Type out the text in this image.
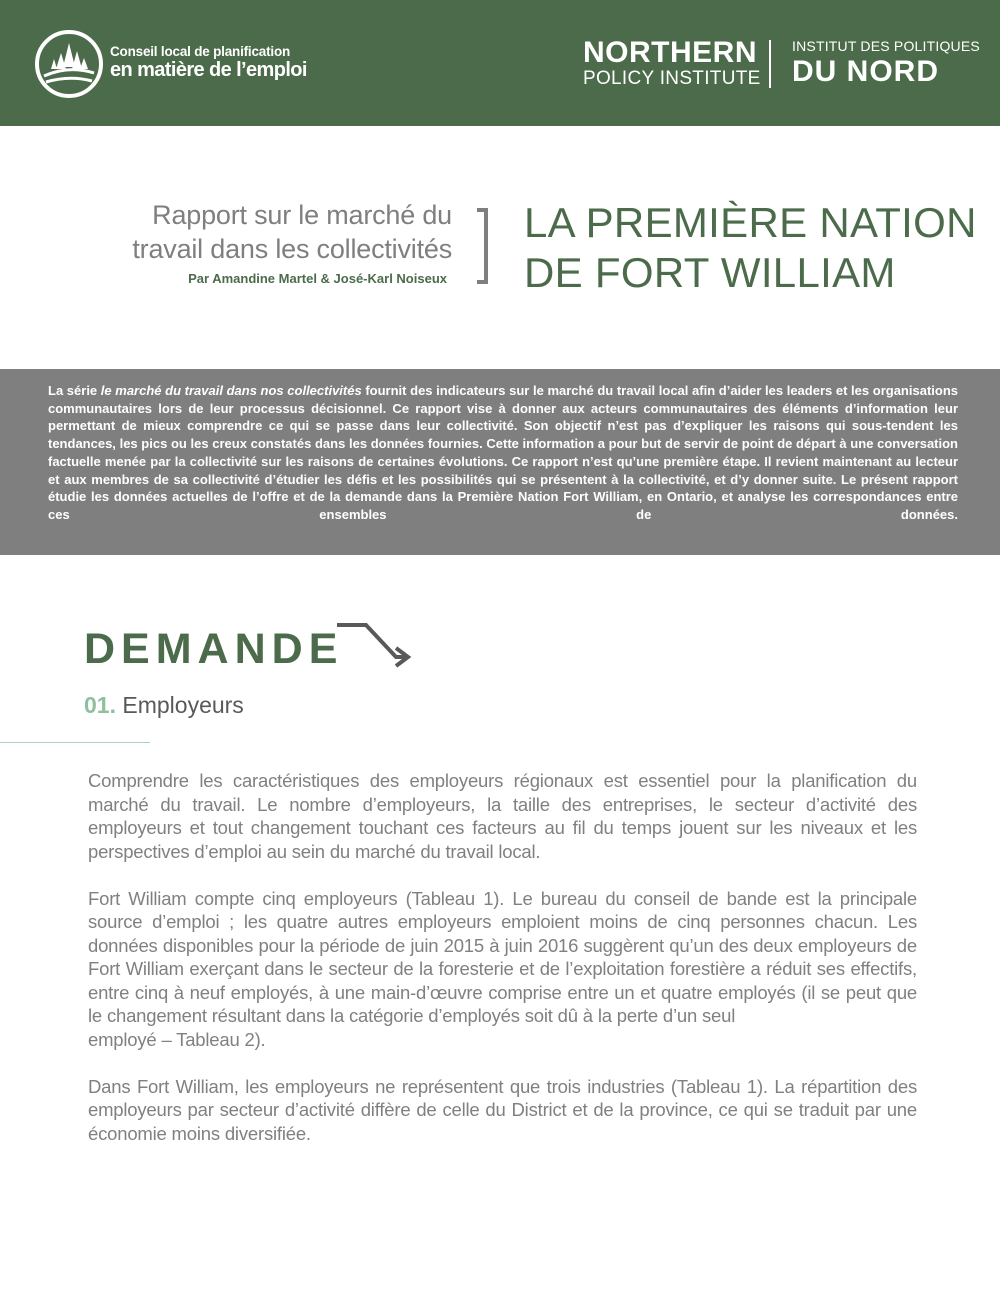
Conseil local de planification
en matière de l’emploi
NORTHERN
POLICY INSTITUTE
INSTITUT DES POLITIQUES
DU NORD
Rapport sur le marché du
travail dans les collectivités
Par Amandine Martel & José-Karl Noiseux
LA PREMIÈRE NATION
DE FORT WILLIAM
La série le marché du travail dans nos collectivités fournit des indicateurs sur le marché du travail local afin d’aider les leaders et les organisations communautaires lors de leur processus décisionnel. Ce rapport vise à donner aux acteurs communautaires des éléments d’information leur permettant de mieux comprendre ce qui se passe dans leur collectivité. Son objectif n’est pas d’expliquer les raisons qui sous-tendent les tendances, les pics ou les creux constatés dans les données fournies. Cette information a pour but de servir de point de départ à une conversation factuelle menée par la collectivité sur les raisons de certaines évolutions. Ce rapport n’est qu’une première étape. Il revient maintenant au lecteur et aux membres de sa collectivité d’étudier les défis et les possibilités qui se présentent à la collectivité, et d’y donner suite. Le présent rapport étudie les données actuelles de l’offre et de la demande dans la Première Nation Fort William, en Ontario, et analyse les correspondances entre ces ensembles de données.
DEMANDE
01. Employeurs

Comprendre les caractéristiques des employeurs régionaux est essentiel pour la planification du marché du travail. Le nombre d’employeurs, la taille des entreprises, le secteur d’activité des employeurs et tout changement touchant ces facteurs au fil du temps jouent sur les niveaux et les perspectives d’emploi au sein du marché du travail local.

Fort William compte cinq employeurs (Tableau 1). Le bureau du conseil de bande est la principale source d’emploi ; les quatre autres employeurs emploient moins de cinq personnes chacun. Les données disponibles pour la période de juin 2015 à juin 2016 suggèrent qu’un des deux employeurs de Fort William exerçant dans le secteur de la foresterie et de l’exploitation forestière a réduit ses effectifs, entre cinq à neuf employés, à une main-d’œuvre comprise entre un et quatre employés (il se peut que le changement résultant dans la catégorie d’employés soit dû à la perte d’un seul
employé – Tableau 2).

Dans Fort William, les employeurs ne représentent que trois industries (Tableau 1). La répartition des employeurs par secteur d’activité diffère de celle du District et de la province, ce qui se traduit par une économie moins diversifiée.
